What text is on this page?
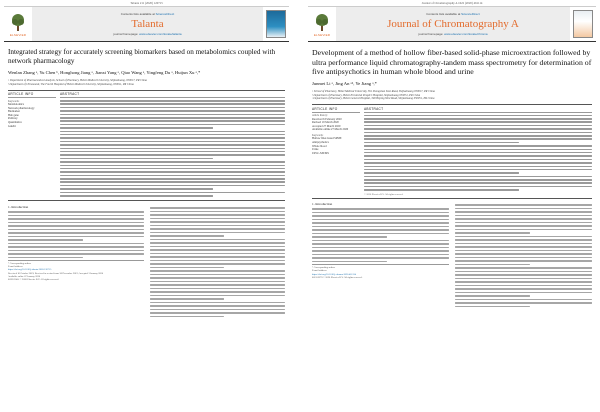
Talanta 211 (2020) 120715
ELSEVIER
Contents lists available at ScienceDirect
Talanta
journal homepage: www.elsevier.com/locate/talanta
Integrated strategy for accurately screening biomarkers based on metabolomics coupled with network pharmacology
Wenlan Zhang ᵃ, Yu Chen ᵇ, Honghong Jiang ᵃ, Jianxi Yang ᵃ, Qiao Wang ᵃ, Yingfeng Du ᵃ, Huijun Xu ᵃ,*
ᵃ Department of Pharmaceutical Analysis, School of Pharmacy, Hebei Medical University, Shijiazhuang, 050017, PR China
ᵇ Department of Ultrasound, The Fourth Hospital of Hebei Medical University, Shijiazhuang, 050011, PR China
ARTICLE INFO
Keywords:
Metabolomics
Network pharmacology
Biomarker
Hub gene
Pathway
Quantitative
Guizhi
ABSTRACT
1. Introduction
* Corresponding author.
E-mail address:
https://doi.org/10.1016/j.talanta.2020.120715
Received 10 October 2019; Received in revised form 30 December 2019; Accepted 3 January 2020
Available online 07 January 2020
0039-9140/ © 2020 Elsevier B.V. All rights reserved.
Journal of Chromatography A 1622 (2020) 461114
ELSEVIER
Contents lists available at ScienceDirect
Journal of Chromatography A
journal homepage: www.elsevier.com/locate/chroma
Development of a method of hollow fiber-based solid-phase microextraction followed by ultra performance liquid chromatography-tandem mass spectrometry for determination of five antipsychotics in human whole blood and urine
Junmei Li ᵃ, Jing An ᵃᵇ, Ye Jiang ᵃ,*
ᵃ School of Pharmacy, Hebei Medical University, 361 Zhongshan East Road, Shijiazhuang 050017, PR China
ᵇ Department of Pharmacy, Hebei Provincial People's Hospital, Shijiazhuang 050051, PR China
ᶜ Department of Pharmacy, Hebei General Hospital, 348 Heping West Road, Shijiazhuang 050051, PR China
ARTICLE INFO
Article history:
Received 6 February 2020
Revised 19 March 2020
Accepted 27 March 2020
Available online 27 March 2020
Keywords:
Hollow fiber-based SPME
Antipsychotics
Whole blood
Urine
UPLC-MS/MS
ABSTRACT
© 2020 Elsevier B.V. All rights reserved.
1. Introduction
* Corresponding author.
E-mail address:
https://doi.org/10.1016/j.chroma.2020.461114
0021-9673/© 2020 Elsevier B.V. All rights reserved.
